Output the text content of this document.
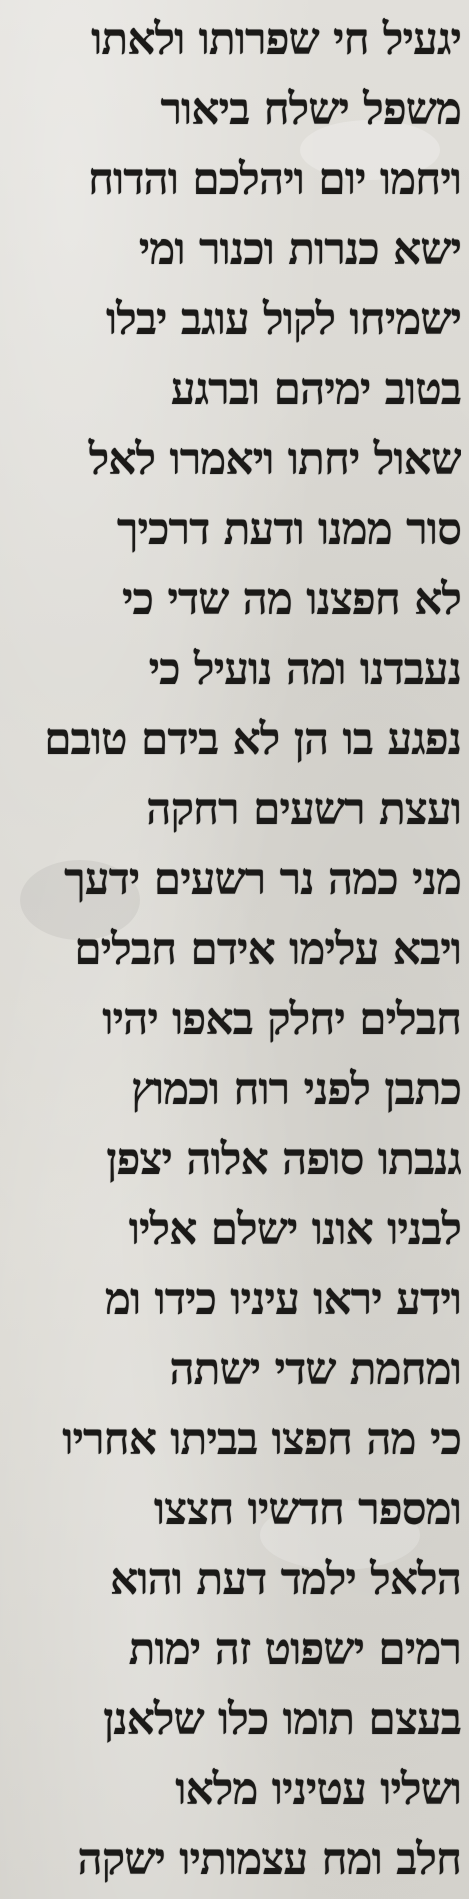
יגעיל חי שפרותו ולאתו
משפל ישלח ביאור
ויחמו יום ויהלכם והדוח
ישא כנרות וכנור ומי
ישמיחו לקול עוגב יבלו
בטוב ימיהם וברגע
שאול יחתו ויאמרו לאל
סור ממנו ודעת דרכיך
לא חפצנו מה שדי כי
נעבדנו ומה נועיל כי
נפגע בו הן לא בידם טובם
ועצת רשעים רחקה
מני כמה נר רשעים ידעך
ויבא עלימו אידם חבלים
חבלים יחלק באפו יהיו
כתבן לפני רוח וכמוץ
גנבתו סופה אלוה יצפן
לבניו אונו ישלם אליו
וידע יראו עיניו כידו ומ
ומחמת שדי ישתה
כי מה חפצו בביתו אחריו
ומספר חדשיו חצצו
הלאל ילמד דעת והוא
רמים ישפוט זה ימות
בעצם תומו כלו שלאנן
ושליו עטיניו מלאו
חלב ומח עצמותיו ישקה
